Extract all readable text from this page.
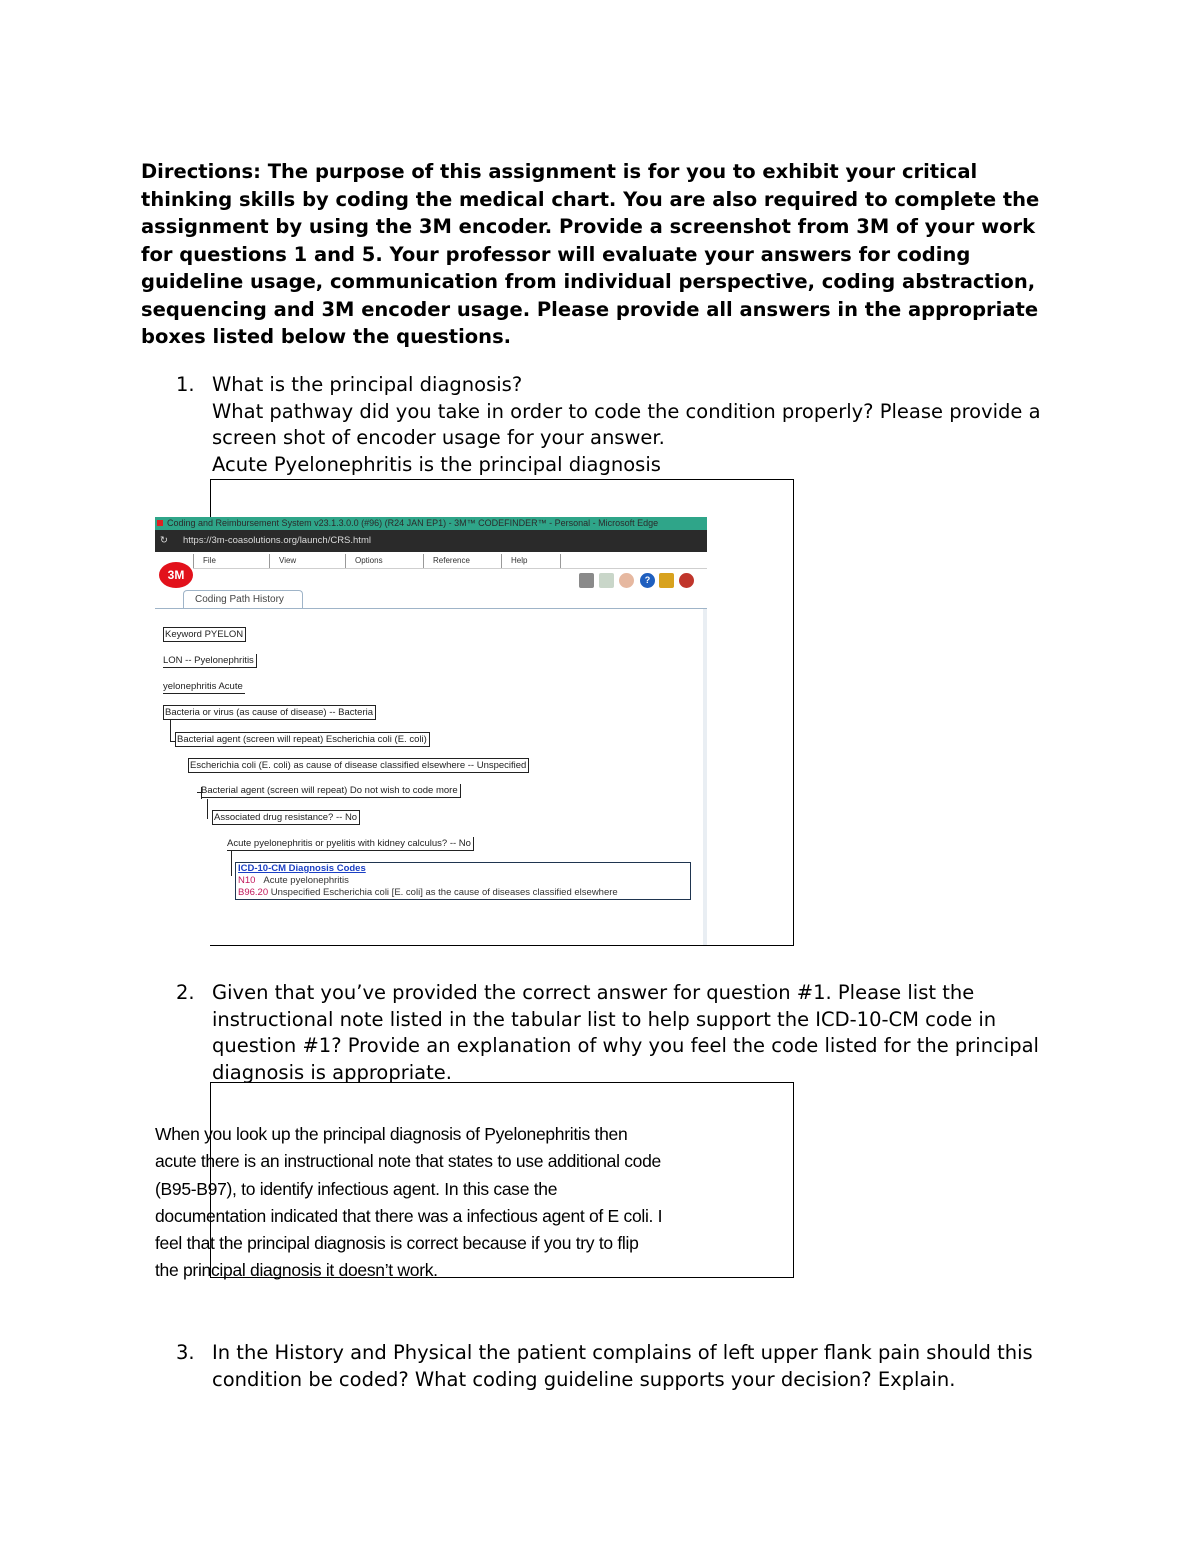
Directions: The purpose of this assignment is for you to exhibit your critical thinking skills by coding the medical chart. You are also required to complete the assignment by using the 3M encoder. Provide a screenshot from 3M of your work for questions 1 and 5. Your professor will evaluate your answers for coding guideline usage, communication from individual perspective, coding abstraction, sequencing and 3M encoder usage. Please provide all answers in the appropriate boxes listed below the questions.
1. What is the principal diagnosis?
What pathway did you take in order to code the condition properly? Please provide a screen shot of encoder usage for your answer.
Acute Pyelonephritis is the principal diagnosis
Coding and Reimbursement System v23.1.3.0.0 (#96) (R24 JAN EP1) - 3M™ CODEFINDER™ - Personal - Microsoft Edge
↻ https://3m-coasolutions.org/launch/CRS.html
3M
File	View	Options	Reference	Help
?
Coding Path History
Keyword PYELON
LON -- Pyelonephritis
yelonephritis Acute
Bacteria or virus (as cause of disease) -- Bacteria
Bacterial agent (screen will repeat) Escherichia coli (E. coli)
Escherichia coli (E. coli) as cause of disease classified elsewhere -- Unspecified
Bacterial agent (screen will repeat) Do not wish to code more
Associated drug resistance? -- No
Acute pyelonephritis or pyelitis with kidney calculus? -- No
ICD-10-CM Diagnosis Codes
N10 Acute pyelonephritis
B96.20 Unspecified Escherichia coli [E. coli] as the cause of diseases classified elsewhere
2. Given that you’ve provided the correct answer for question #1. Please list the instructional note listed in the tabular list to help support the ICD-10-CM code in question #1? Provide an explanation of why you feel the code listed for the principal diagnosis is appropriate.
When you look up the principal diagnosis of Pyelonephritis then
acute there is an instructional note that states to use additional code
(B95-B97), to identify infectious agent. In this case the
documentation indicated that there was a infectious agent of E coli. I
feel that the principal diagnosis is correct because if you try to flip
the principal diagnosis it doesn’t work.
3. In the History and Physical the patient complains of left upper flank pain should this condition be coded? What coding guideline supports your decision? Explain.
